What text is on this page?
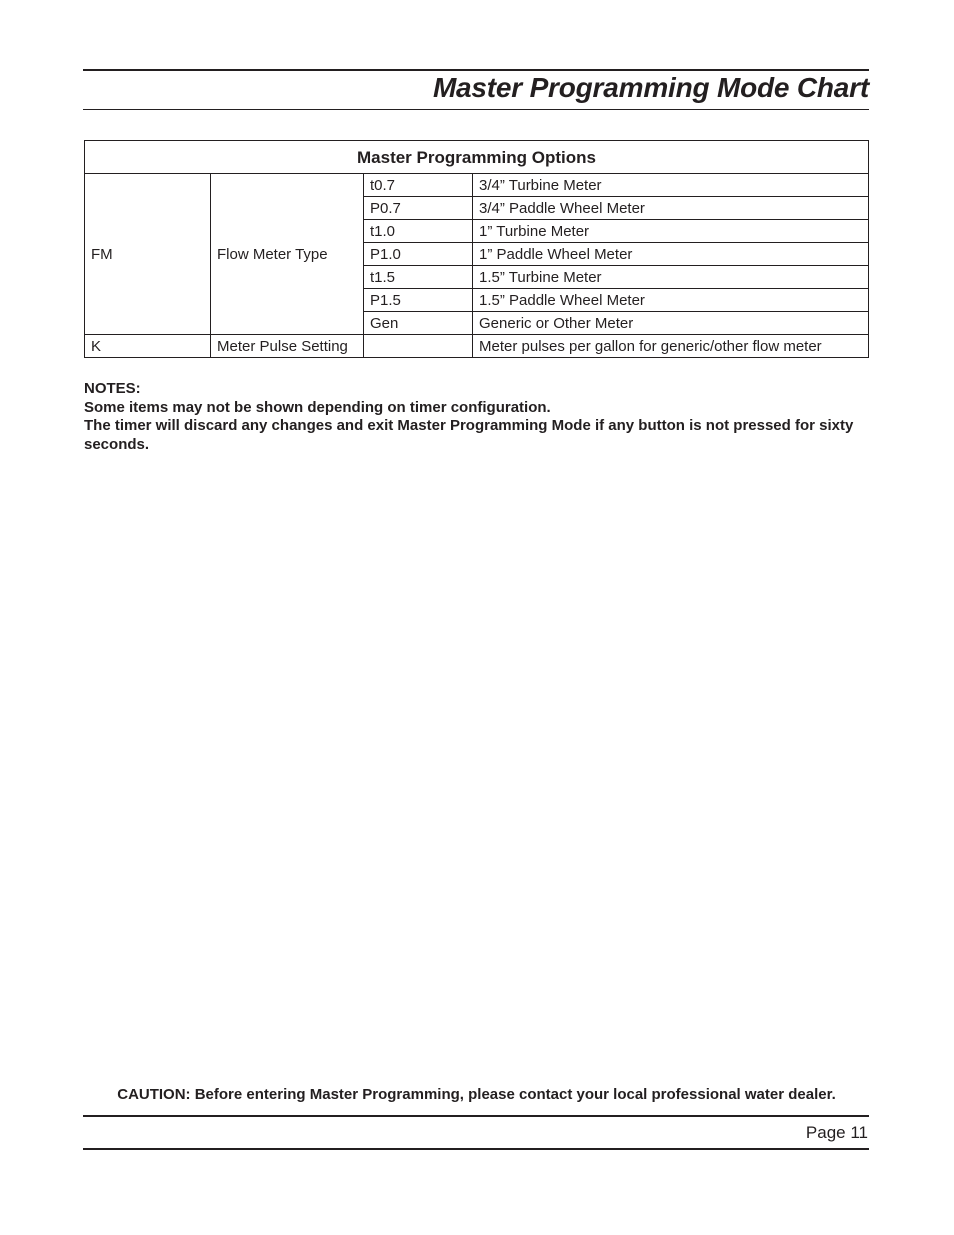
Master Programming Mode Chart
Master Programming Options			
FM	Flow Meter Type	t0.7	3/4” Turbine Meter
		P0.7	3/4” Paddle Wheel Meter
		t1.0	1” Turbine Meter
		P1.0	1” Paddle Wheel Meter
		t1.5	1.5” Turbine Meter
		P1.5	1.5” Paddle Wheel Meter
		Gen	Generic or Other Meter
K	Meter Pulse Setting		Meter pulses per gallon for generic/other flow meter

NOTES:

Some items may not be shown depending on timer configuration.

The timer will discard any changes and exit Master Programming Mode if any button is not pressed for sixty seconds.

CAUTION: Before entering Master Programming, please contact your local professional water dealer.
Page 11
